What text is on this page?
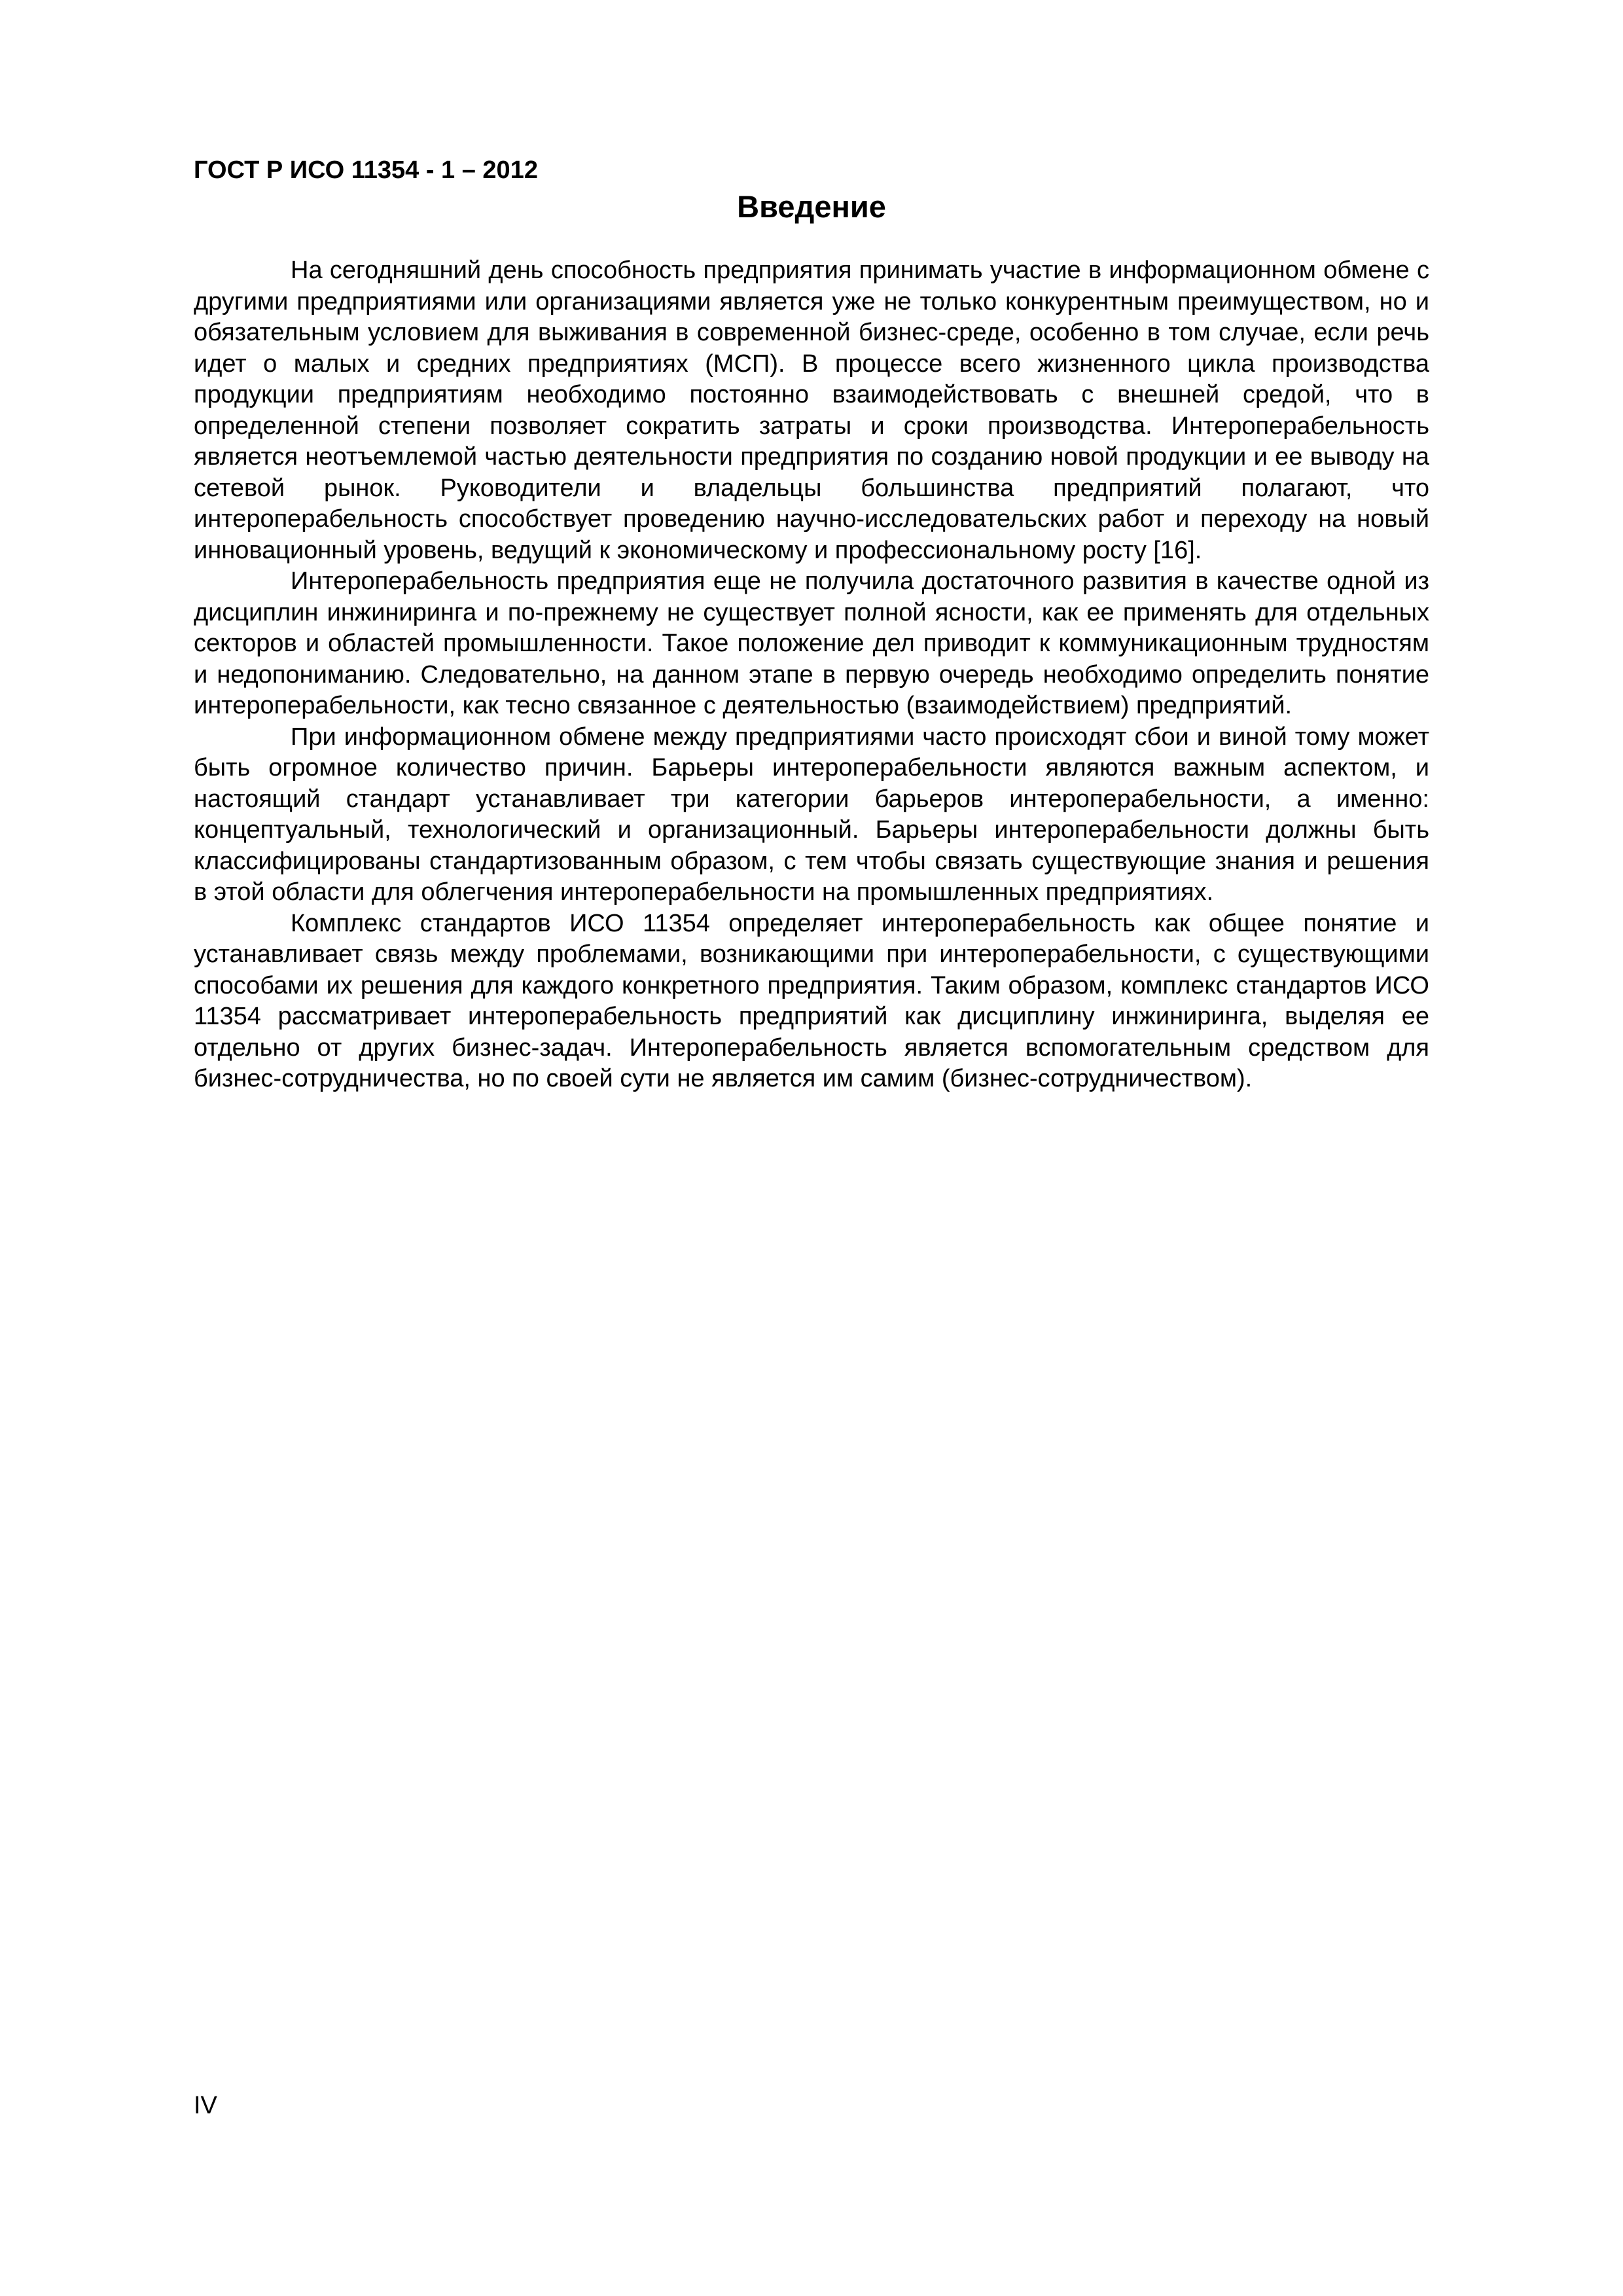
ГОСТ Р ИСО 11354 - 1 – 2012
Введение

На сегодняшний день способность предприятия принимать участие в информационном обмене с другими предприятиями или организациями является уже не только конкурентным преимуществом, но и обязательным условием для выживания в современной бизнес-среде, особенно в том случае, если речь идет о малых и средних предприятиях (МСП). В процессе всего жизненного цикла производства продукции предприятиям необходимо постоянно взаимодействовать с внешней средой, что в определенной степени позволяет сократить затраты и сроки производства. Интероперабельность является неотъемлемой частью деятельности предприятия по созданию новой продукции и ее выводу на сетевой рынок. Руководители и владельцы большинства предприятий полагают, что интероперабельность способствует проведению научно-исследовательских работ и переходу на новый инновационный уровень, ведущий к экономическому и профессиональному росту [16].

Интероперабельность предприятия еще не получила достаточного развития в качестве одной из дисциплин инжиниринга и по-прежнему не существует полной ясности, как ее применять для отдельных секторов и областей промышленности. Такое положение дел приводит к коммуникационным трудностям и недопониманию. Следовательно, на данном этапе в первую очередь необходимо определить понятие интероперабельности, как тесно связанное с деятельностью (взаимодействием) предприятий.

При информационном обмене между предприятиями часто происходят сбои и виной тому может быть огромное количество причин. Барьеры интероперабельности являются важным аспектом, и настоящий стандарт устанавливает три категории барьеров интероперабельности, а именно: концептуальный, технологический и организационный. Барьеры интероперабельности должны быть классифицированы стандартизованным образом, с тем чтобы связать существующие знания и решения в этой области для облегчения интероперабельности на промышленных предприятиях.

Комплекс стандартов ИСО 11354 определяет интероперабельность как общее понятие и устанавливает связь между проблемами, возникающими при интероперабельности, с существующими способами их решения для каждого конкретного предприятия. Таким образом, комплекс стандартов ИСО 11354 рассматривает интероперабельность предприятий как дисциплину инжиниринга, выделяя ее отдельно от других бизнес-задач. Интероперабельность является вспомогательным средством для бизнес-сотрудничества, но по своей сути не является им самим (бизнес-сотрудничеством).

IV
